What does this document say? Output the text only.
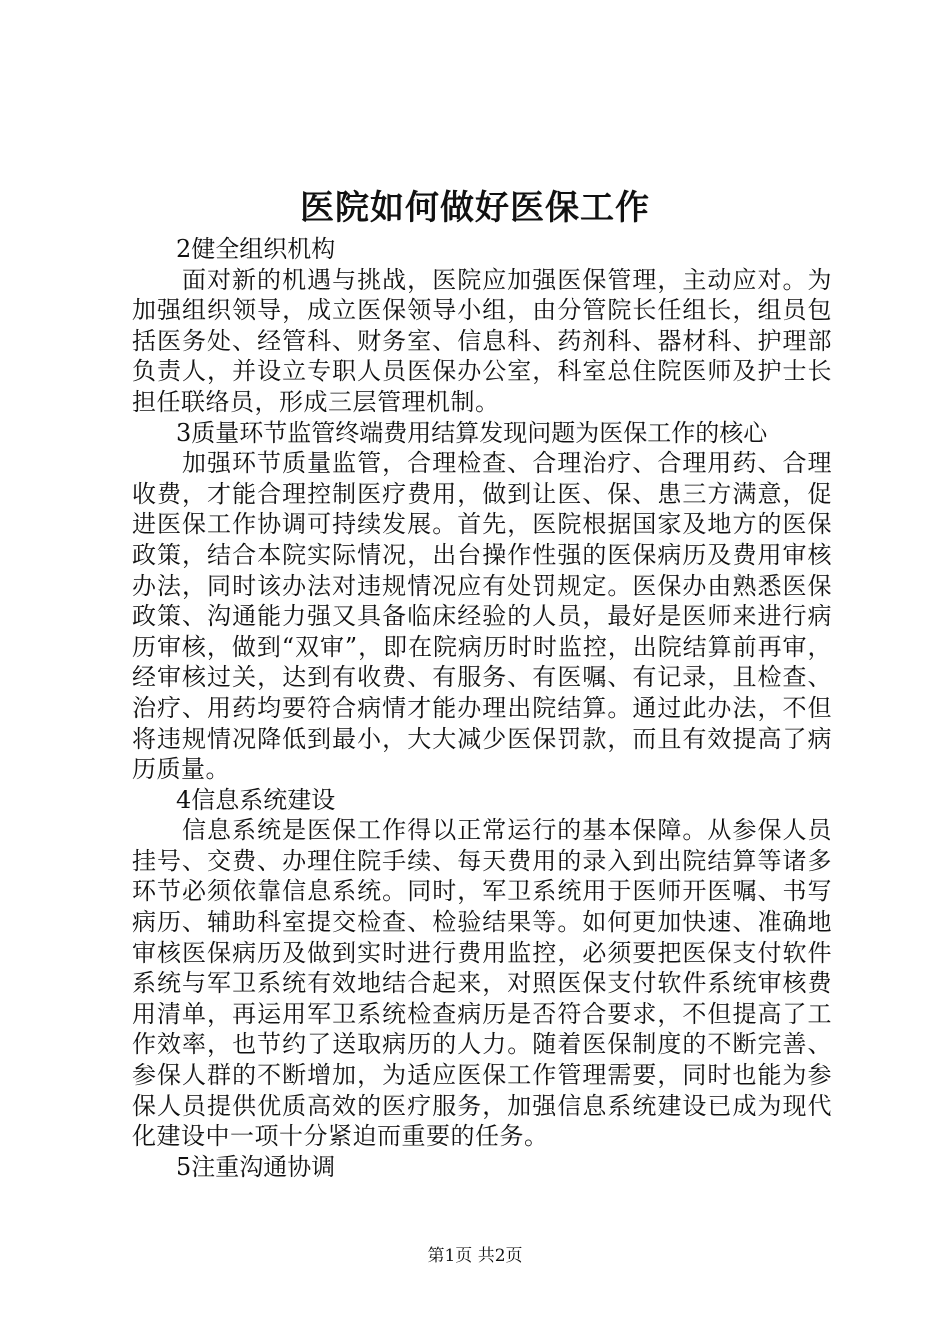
医院如何做好医保工作

2健全组织机构

面对新的机遇与挑战，医院应加强医保管理，主动应对。为加强组织领导，成立医保领导小组，由分管院长任组长，组员包括医务处、经管科、财务室、信息科、药剂科、器材科、护理部负责人，并设立专职人员医保办公室，科室总住院医师及护士长担任联络员，形成三层管理机制。

3质量环节监管终端费用结算发现问题为医保工作的核心

加强环节质量监管，合理检查、合理治疗、合理用药、合理收费，才能合理控制医疗费用，做到让医、保、患三方满意，促进医保工作协调可持续发展。首先，医院根据国家及地方的医保政策，结合本院实际情况，出台操作性强的医保病历及费用审核办法，同时该办法对违规情况应有处罚规定。医保办由熟悉医保政策、沟通能力强又具备临床经验的人员，最好是医师来进行病历审核，做到“双审”，即在院病历时时监控，出院结算前再审，经审核过关，达到有收费、有服务、有医嘱、有记录，且检查、治疗、用药均要符合病情才能办理出院结算。通过此办法，不但将违规情况降低到最小，大大减少医保罚款，而且有效提高了病历质量。

4信息系统建设

信息系统是医保工作得以正常运行的基本保障。从参保人员挂号、交费、办理住院手续、每天费用的录入到出院结算等诸多环节必须依靠信息系统。同时，军卫系统用于医师开医嘱、书写病历、辅助科室提交检查、检验结果等。如何更加快速、准确地审核医保病历及做到实时进行费用监控，必须要把医保支付软件系统与军卫系统有效地结合起来，对照医保支付软件系统审核费用清单，再运用军卫系统检查病历是否符合要求，不但提高了工作效率，也节约了送取病历的人力。随着医保制度的不断完善、参保人群的不断增加，为适应医保工作管理需要，同时也能为参保人员提供优质高效的医疗服务，加强信息系统建设已成为现代化建设中一项十分紧迫而重要的任务。

5注重沟通协调

第1页 共2页
